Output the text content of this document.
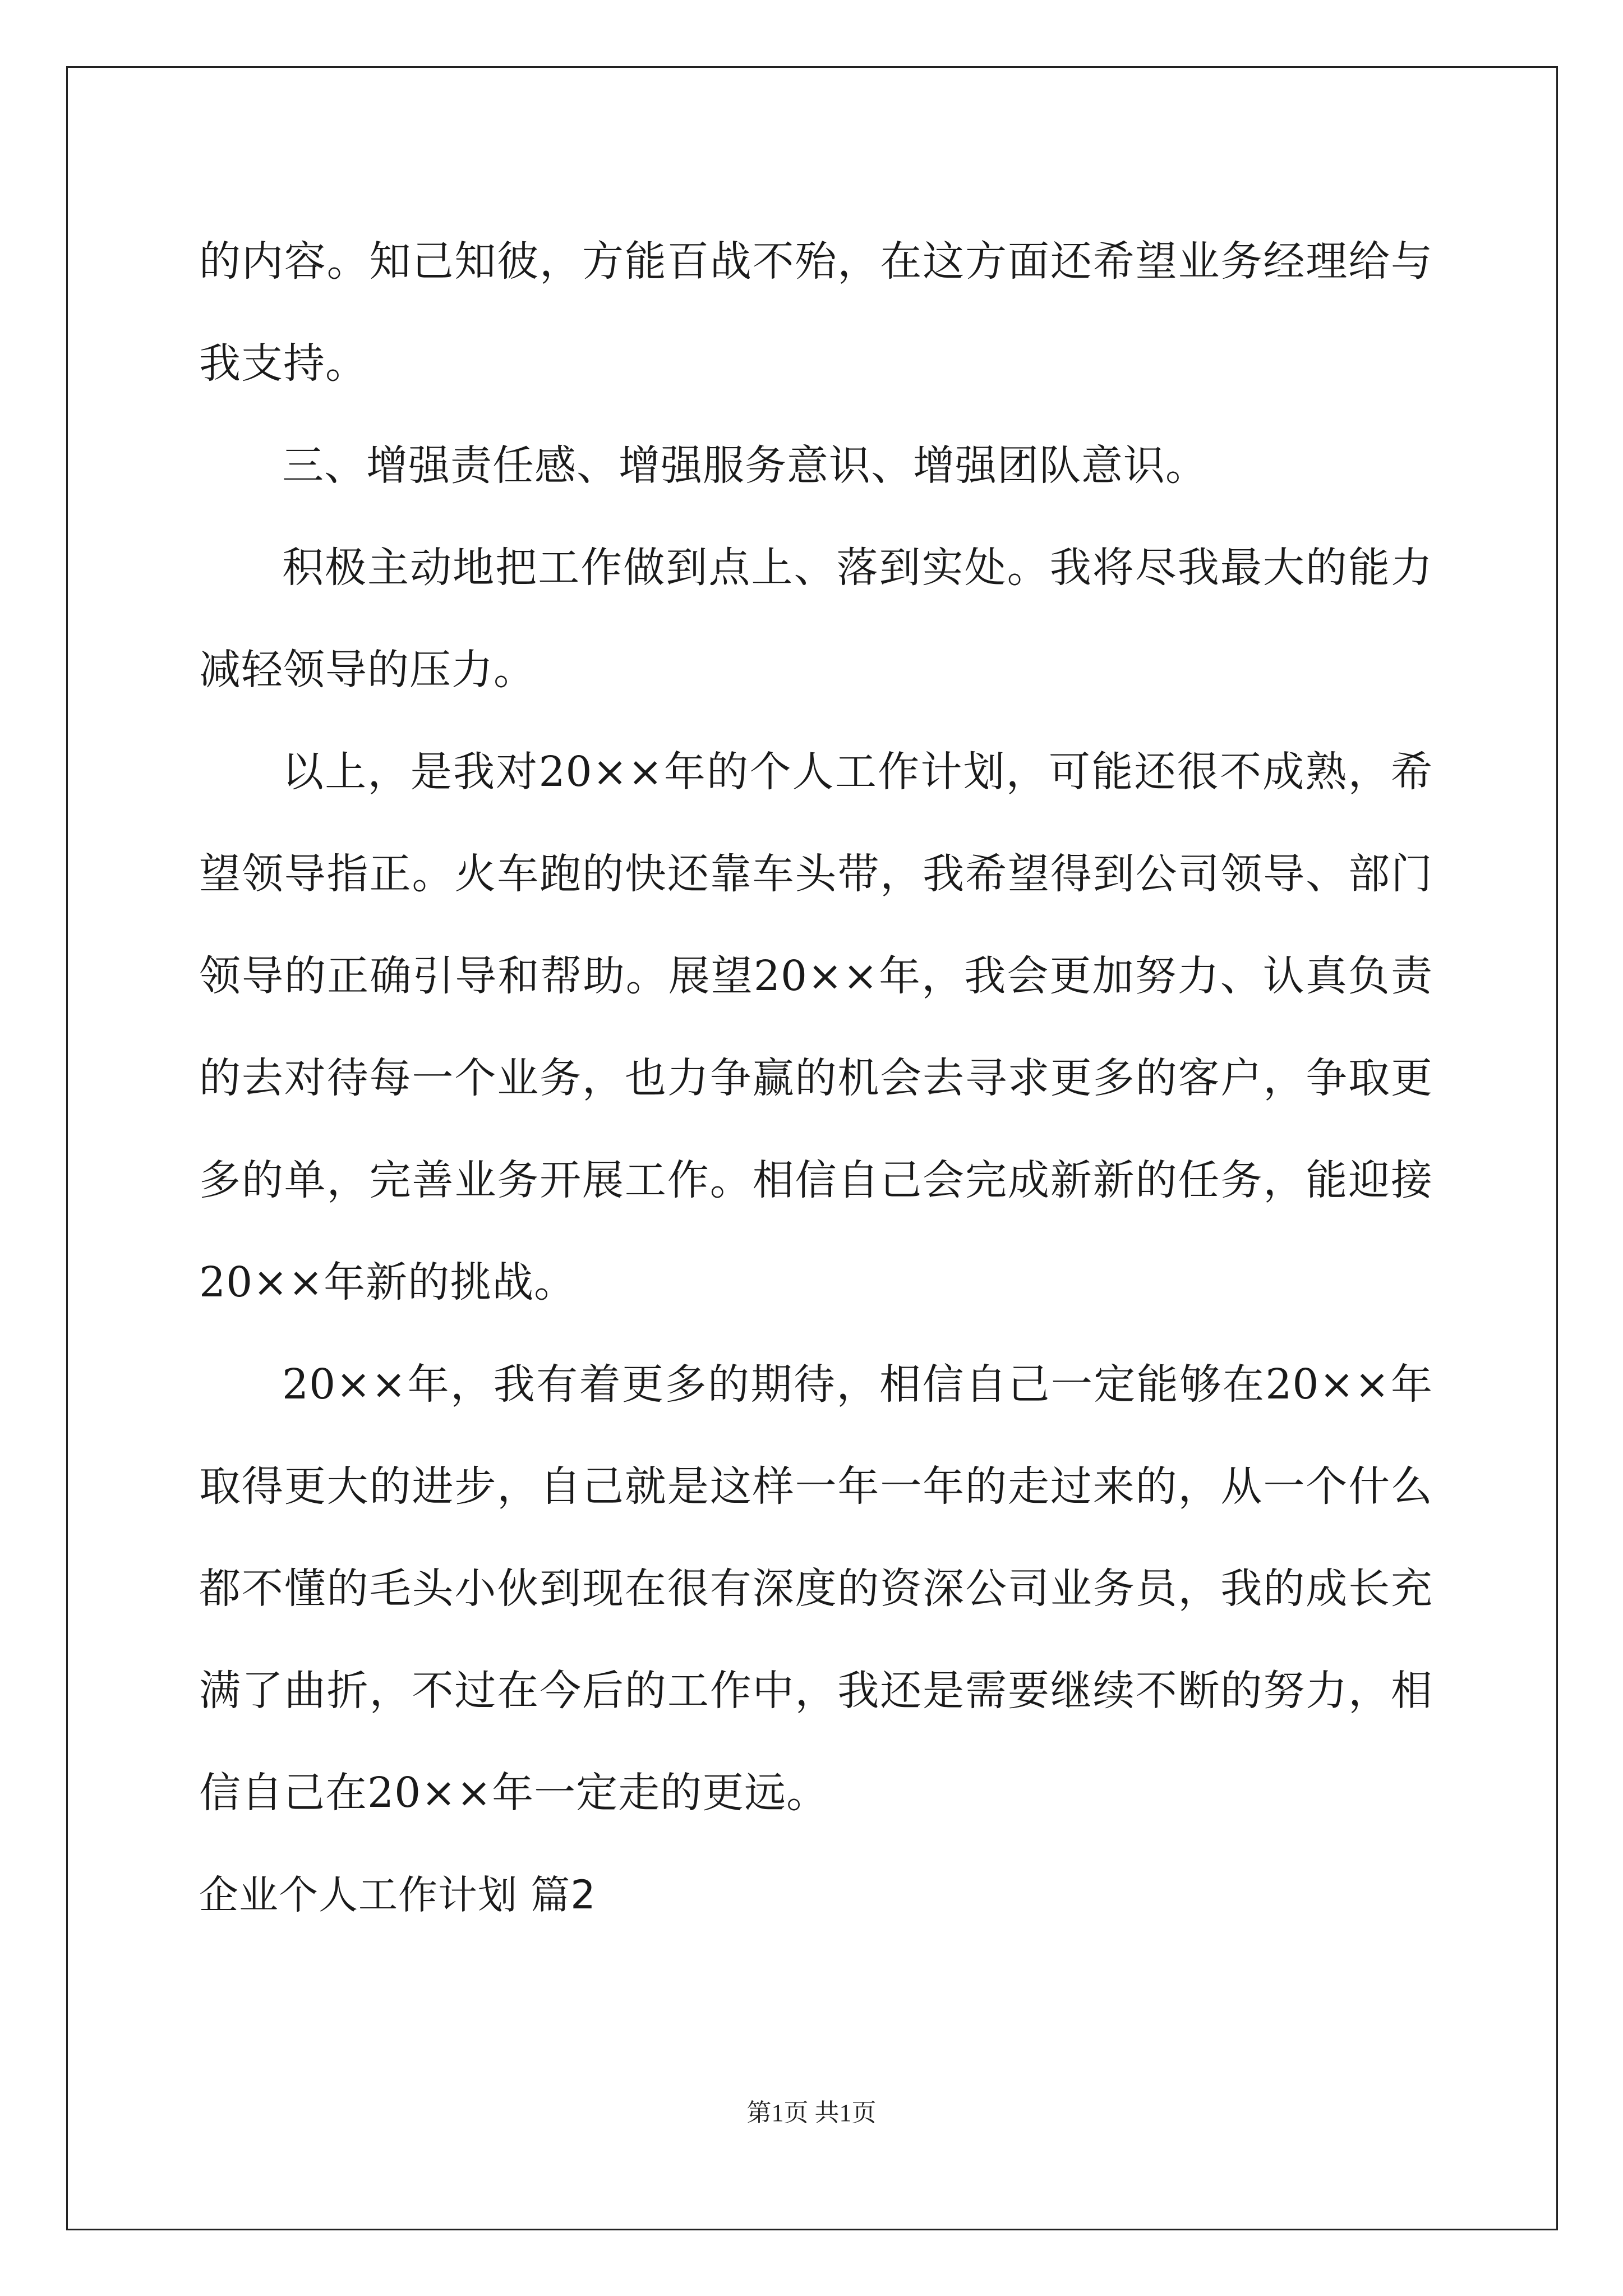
的内容。知己知彼，方能百战不殆，在这方面还希望业务经理给与我支持。

三、增强责任感、增强服务意识、增强团队意识。

积极主动地把工作做到点上、落到实处。我将尽我最大的能力减轻领导的压力。

以上，是我对20××年的个人工作计划，可能还很不成熟，希望领导指正。火车跑的快还靠车头带，我希望得到公司领导、部门领导的正确引导和帮助。展望20××年，我会更加努力、认真负责的去对待每一个业务，也力争赢的机会去寻求更多的客户，争取更多的单，完善业务开展工作。相信自己会完成新新的任务，能迎接20××年新的挑战。

20××年，我有着更多的期待，相信自己一定能够在20××年取得更大的进步，自己就是这样一年一年的走过来的，从一个什么都不懂的毛头小伙到现在很有深度的资深公司业务员，我的成长充满了曲折，不过在今后的工作中，我还是需要继续不断的努力，相信自己在20××年一定走的更远。

企业个人工作计划 篇2

第1页 共1页
